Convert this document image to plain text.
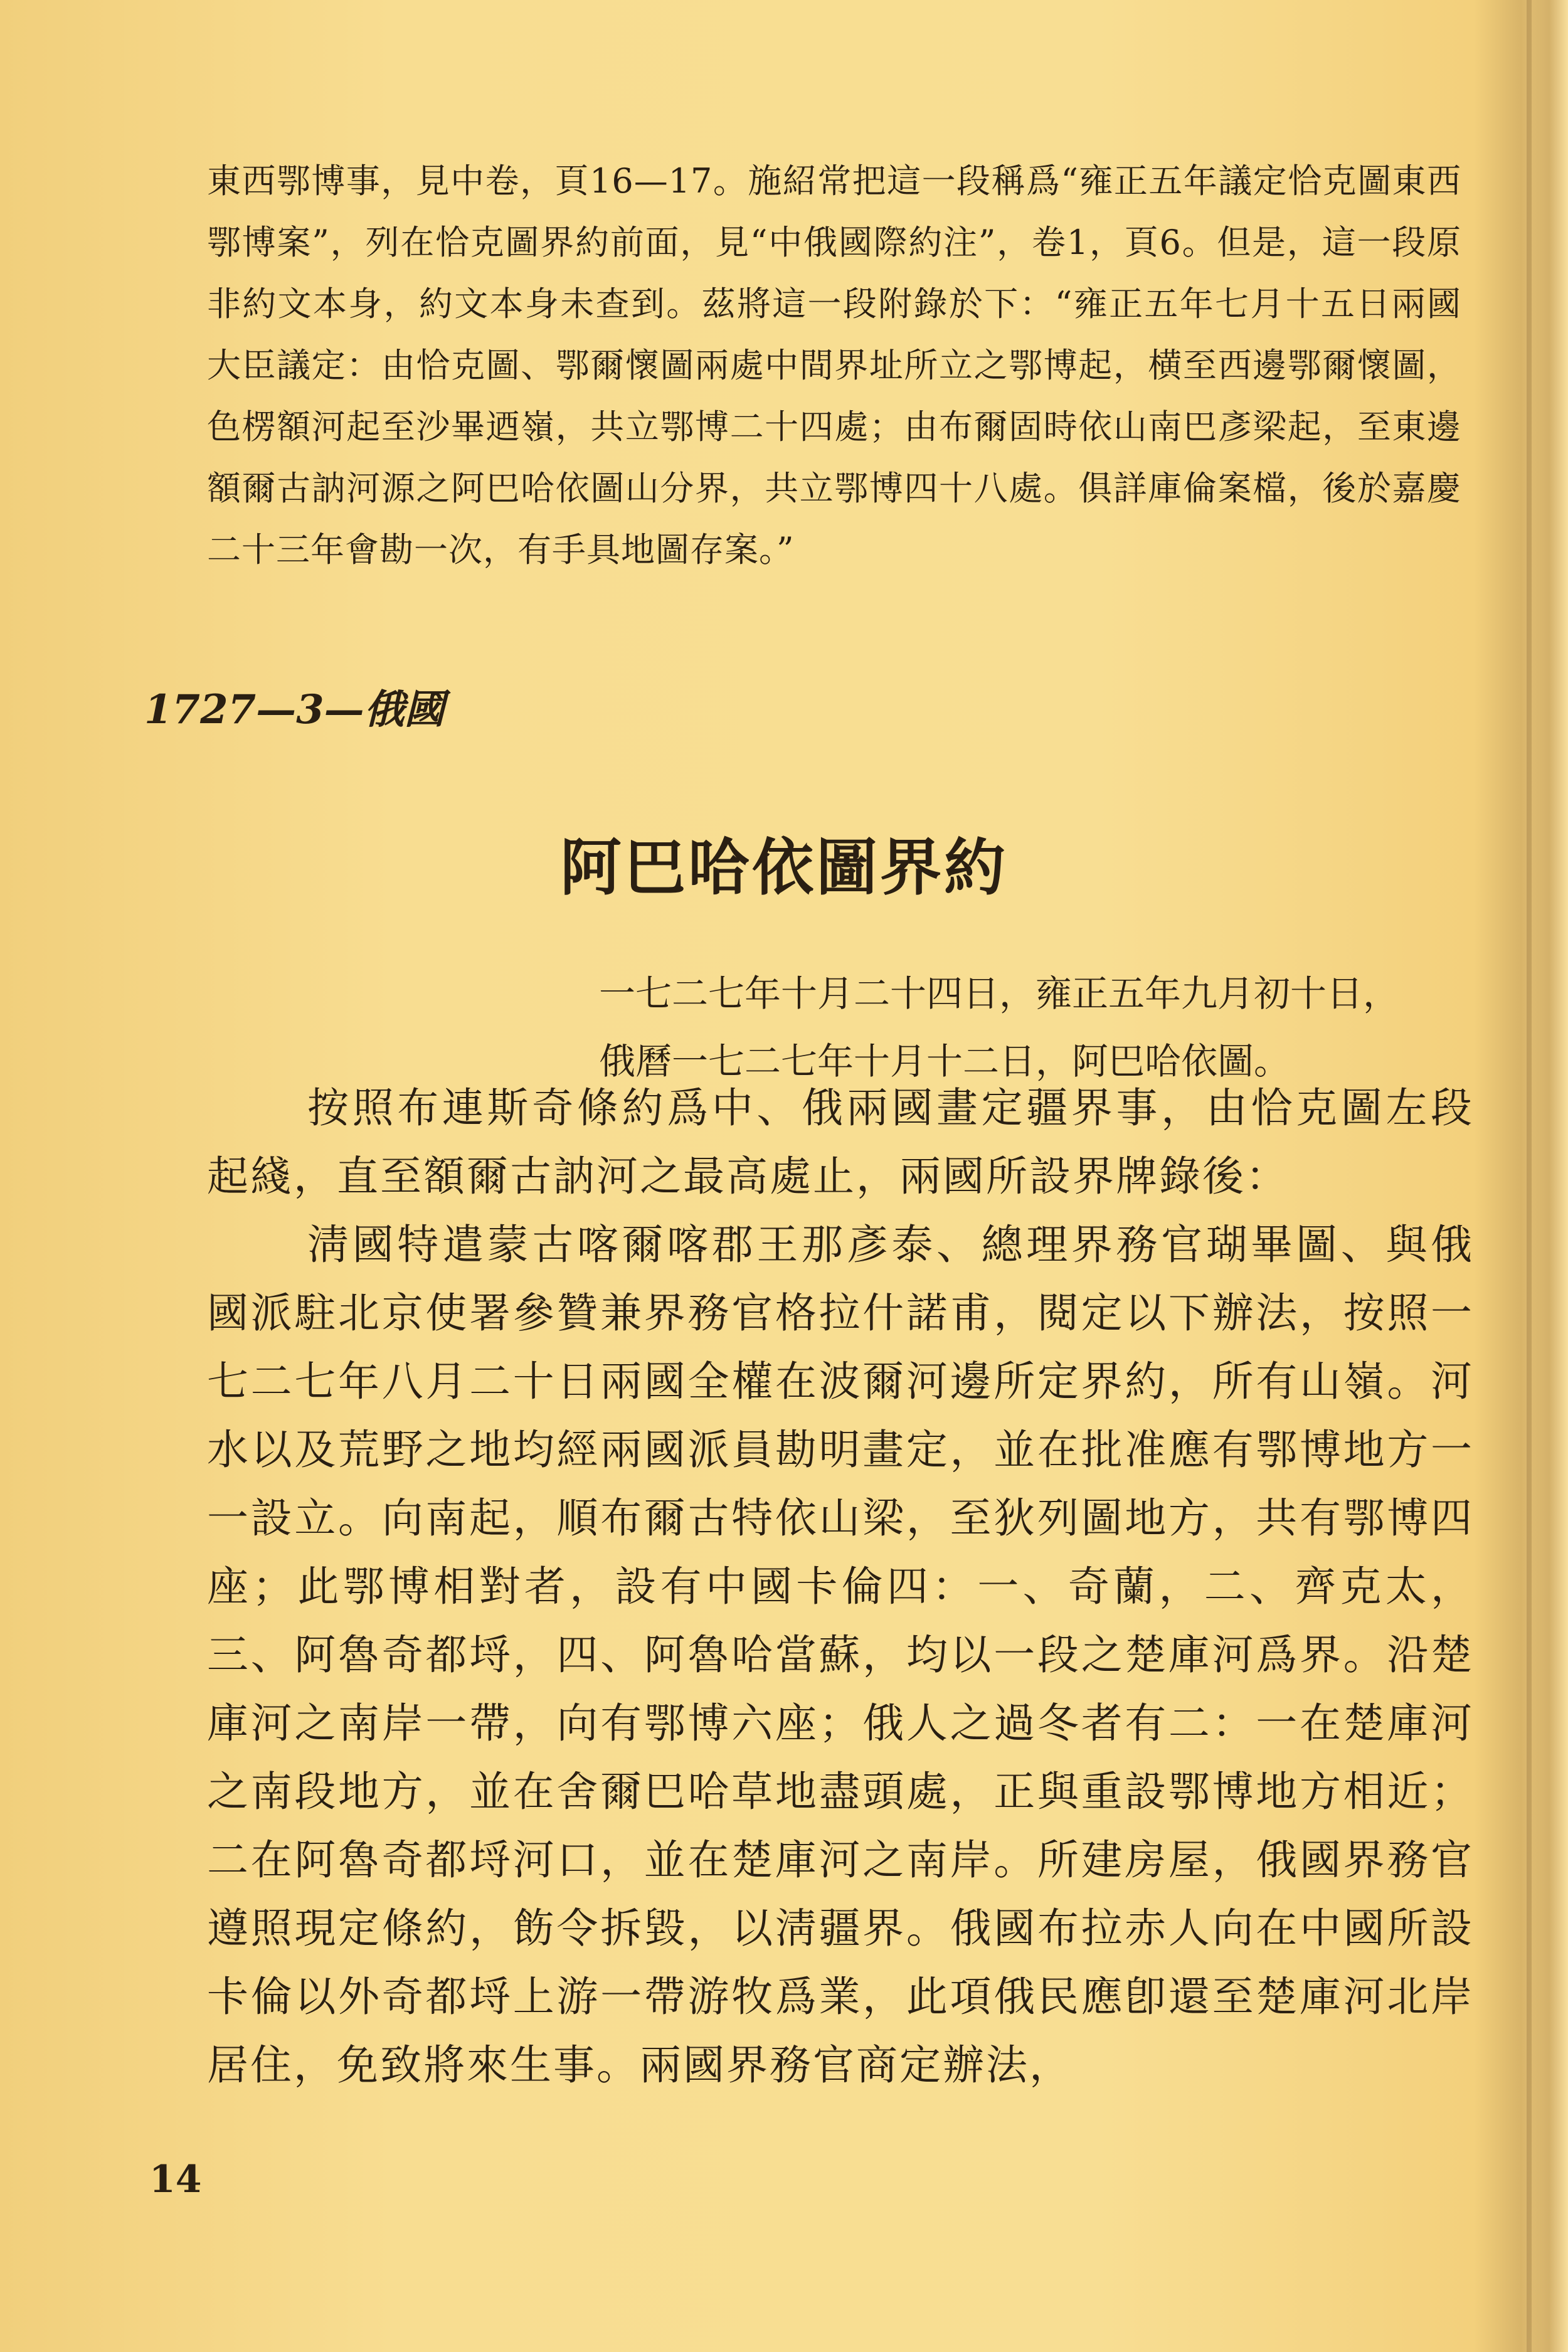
東西鄂博事，見中卷，頁16—17。施紹常把這一段稱爲“雍正五年議定恰克圖東西鄂博案”，列在恰克圖界約前面，見“中俄國際約注”，卷1，頁6。但是，這一段原非約文本身，約文本身未查到。茲將這一段附錄於下：“雍正五年七月十五日兩國大臣議定：由恰克圖、鄂爾懷圖兩處中間界址所立之鄂博起，横至西邊鄂爾懷圖，色楞額河起至沙畢迺嶺，共立鄂博二十四處；由布爾固時依山南巴彥梁起，至東邊額爾古訥河源之阿巴哈依圖山分界，共立鄂博四十八處。俱詳庫倫案檔，後於嘉慶二十三年會勘一次，有手具地圖存案。”

1727—3—俄國
阿巴哈依圖界約
一七二七年十月二十四日，雍正五年九月初十日，
俄曆一七二七年十月十二日，阿巴哈依圖。

按照布連斯奇條約爲中、俄兩國畫定疆界事，由恰克圖左段起綫，直至額爾古訥河之最高處止，兩國所設界牌錄後：

淸國特遣蒙古喀爾喀郡王那彥泰、總理界務官瑚畢圖、與俄國派駐北京使署參贊兼界務官格拉什諾甫，閱定以下辦法，按照一七二七年八月二十日兩國全權在波爾河邊所定界約，所有山嶺。河水以及荒野之地均經兩國派員勘明畫定，並在批准應有鄂博地方一一設立。向南起，順布爾古特依山梁，至狄列圖地方，共有鄂博四座；此鄂博相對者，設有中國卡倫四：一、奇蘭，二、齊克太，三、阿魯奇都埒，四、阿魯哈當蘇，均以一段之楚庫河爲界。沿楚庫河之南岸一帶，向有鄂博六座；俄人之過冬者有二：一在楚庫河之南段地方，並在舍爾巴哈草地盡頭處，正與重設鄂博地方相近；二在阿魯奇都埒河口，並在楚庫河之南岸。所建房屋，俄國界務官遵照現定條約，飭令拆毀，以淸疆界。俄國布拉赤人向在中國所設卡倫以外奇都埒上游一帶游牧爲業，此項俄民應卽還至楚庫河北岸居住，免致將來生事。兩國界務官商定辦法，

14
